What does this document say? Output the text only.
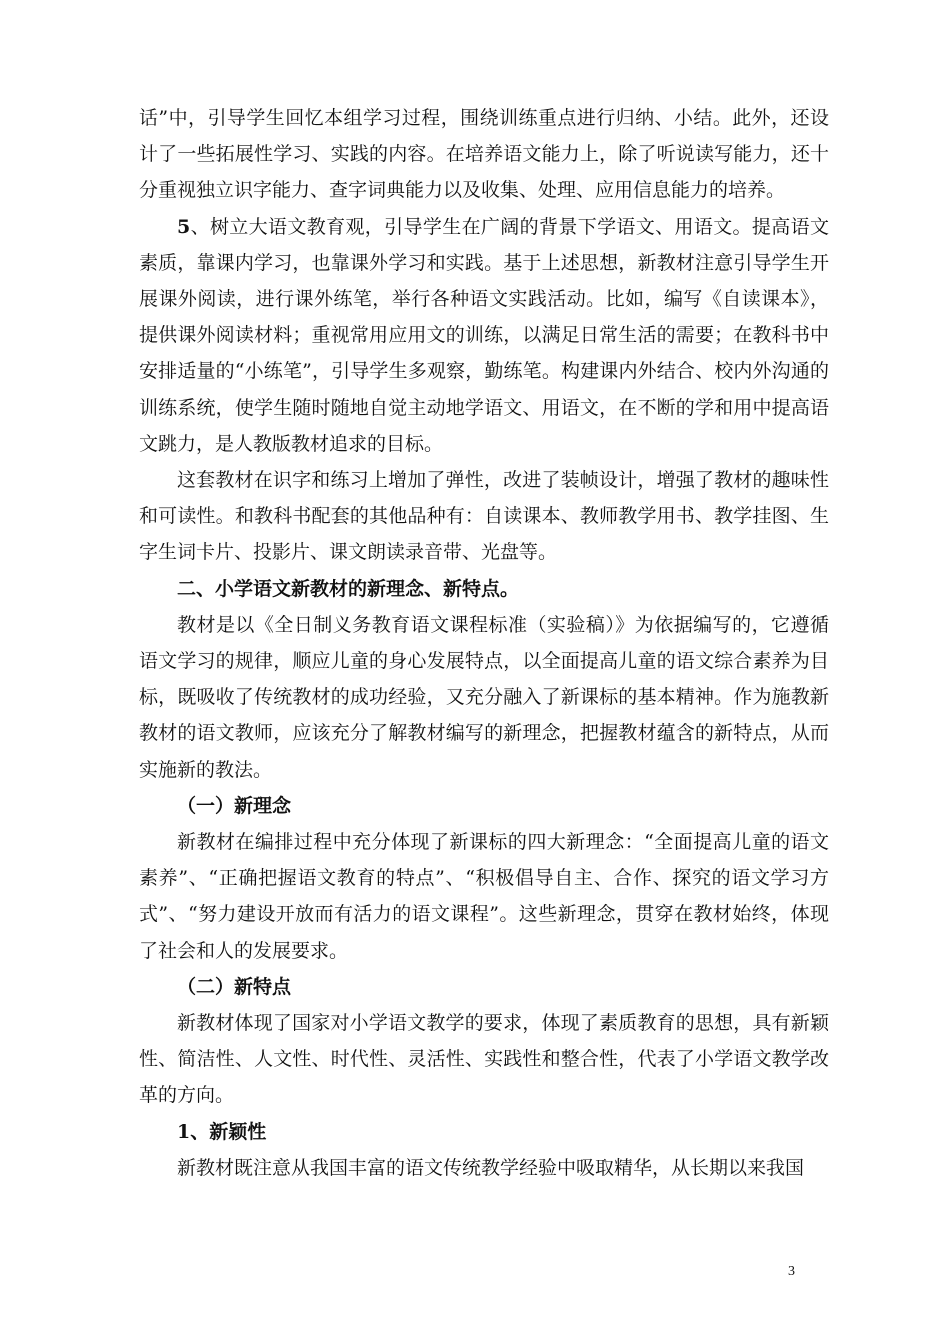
话”中，引导学生回忆本组学习过程，围绕训练重点进行归纳、小结。此外，还设计了一些拓展性学习、实践的内容。在培养语文能力上，除了听说读写能力，还十分重视独立识字能力、查字词典能力以及收集、处理、应用信息能力的培养。

5、树立大语文教育观，引导学生在广阔的背景下学语文、用语文。提高语文素质，靠课内学习，也靠课外学习和实践。基于上述思想，新教材注意引导学生开展课外阅读，进行课外练笔，举行各种语文实践活动。比如，编写《自读课本》，提供课外阅读材料；重视常用应用文的训练，以满足日常生活的需要；在教科书中安排适量的“小练笔”，引导学生多观察，勤练笔。构建课内外结合、校内外沟通的训练系统，使学生随时随地自觉主动地学语文、用语文，在不断的学和用中提高语文跳力，是人教版教材追求的目标。

这套教材在识字和练习上增加了弹性，改进了装帧设计，增强了教材的趣味性和可读性。和教科书配套的其他品种有：自读课本、教师教学用书、教学挂图、生字生词卡片、投影片、课文朗读录音带、光盘等。

二、小学语文新教材的新理念、新特点。

教材是以《全日制义务教育语文课程标准（实验稿）》为依据编写的，它遵循语文学习的规律，顺应儿童的身心发展特点，以全面提高儿童的语文综合素养为目标，既吸收了传统教材的成功经验，又充分融入了新课标的基本精神。作为施教新教材的语文教师，应该充分了解教材编写的新理念，把握教材蕴含的新特点，从而实施新的教法。

（一）新理念

新教材在编排过程中充分体现了新课标的四大新理念：“全面提高儿童的语文素养”、“正确把握语文教育的特点”、“积极倡导自主、合作、探究的语文学习方式”、“努力建设开放而有活力的语文课程”。这些新理念，贯穿在教材始终，体现了社会和人的发展要求。

（二）新特点

新教材体现了国家对小学语文教学的要求，体现了素质教育的思想，具有新颖性、简洁性、人文性、时代性、灵活性、实践性和整合性，代表了小学语文教学改革的方向。

1、新颖性

新教材既注意从我国丰富的语文传统教学经验中吸取精华，从长期以来我国

3
